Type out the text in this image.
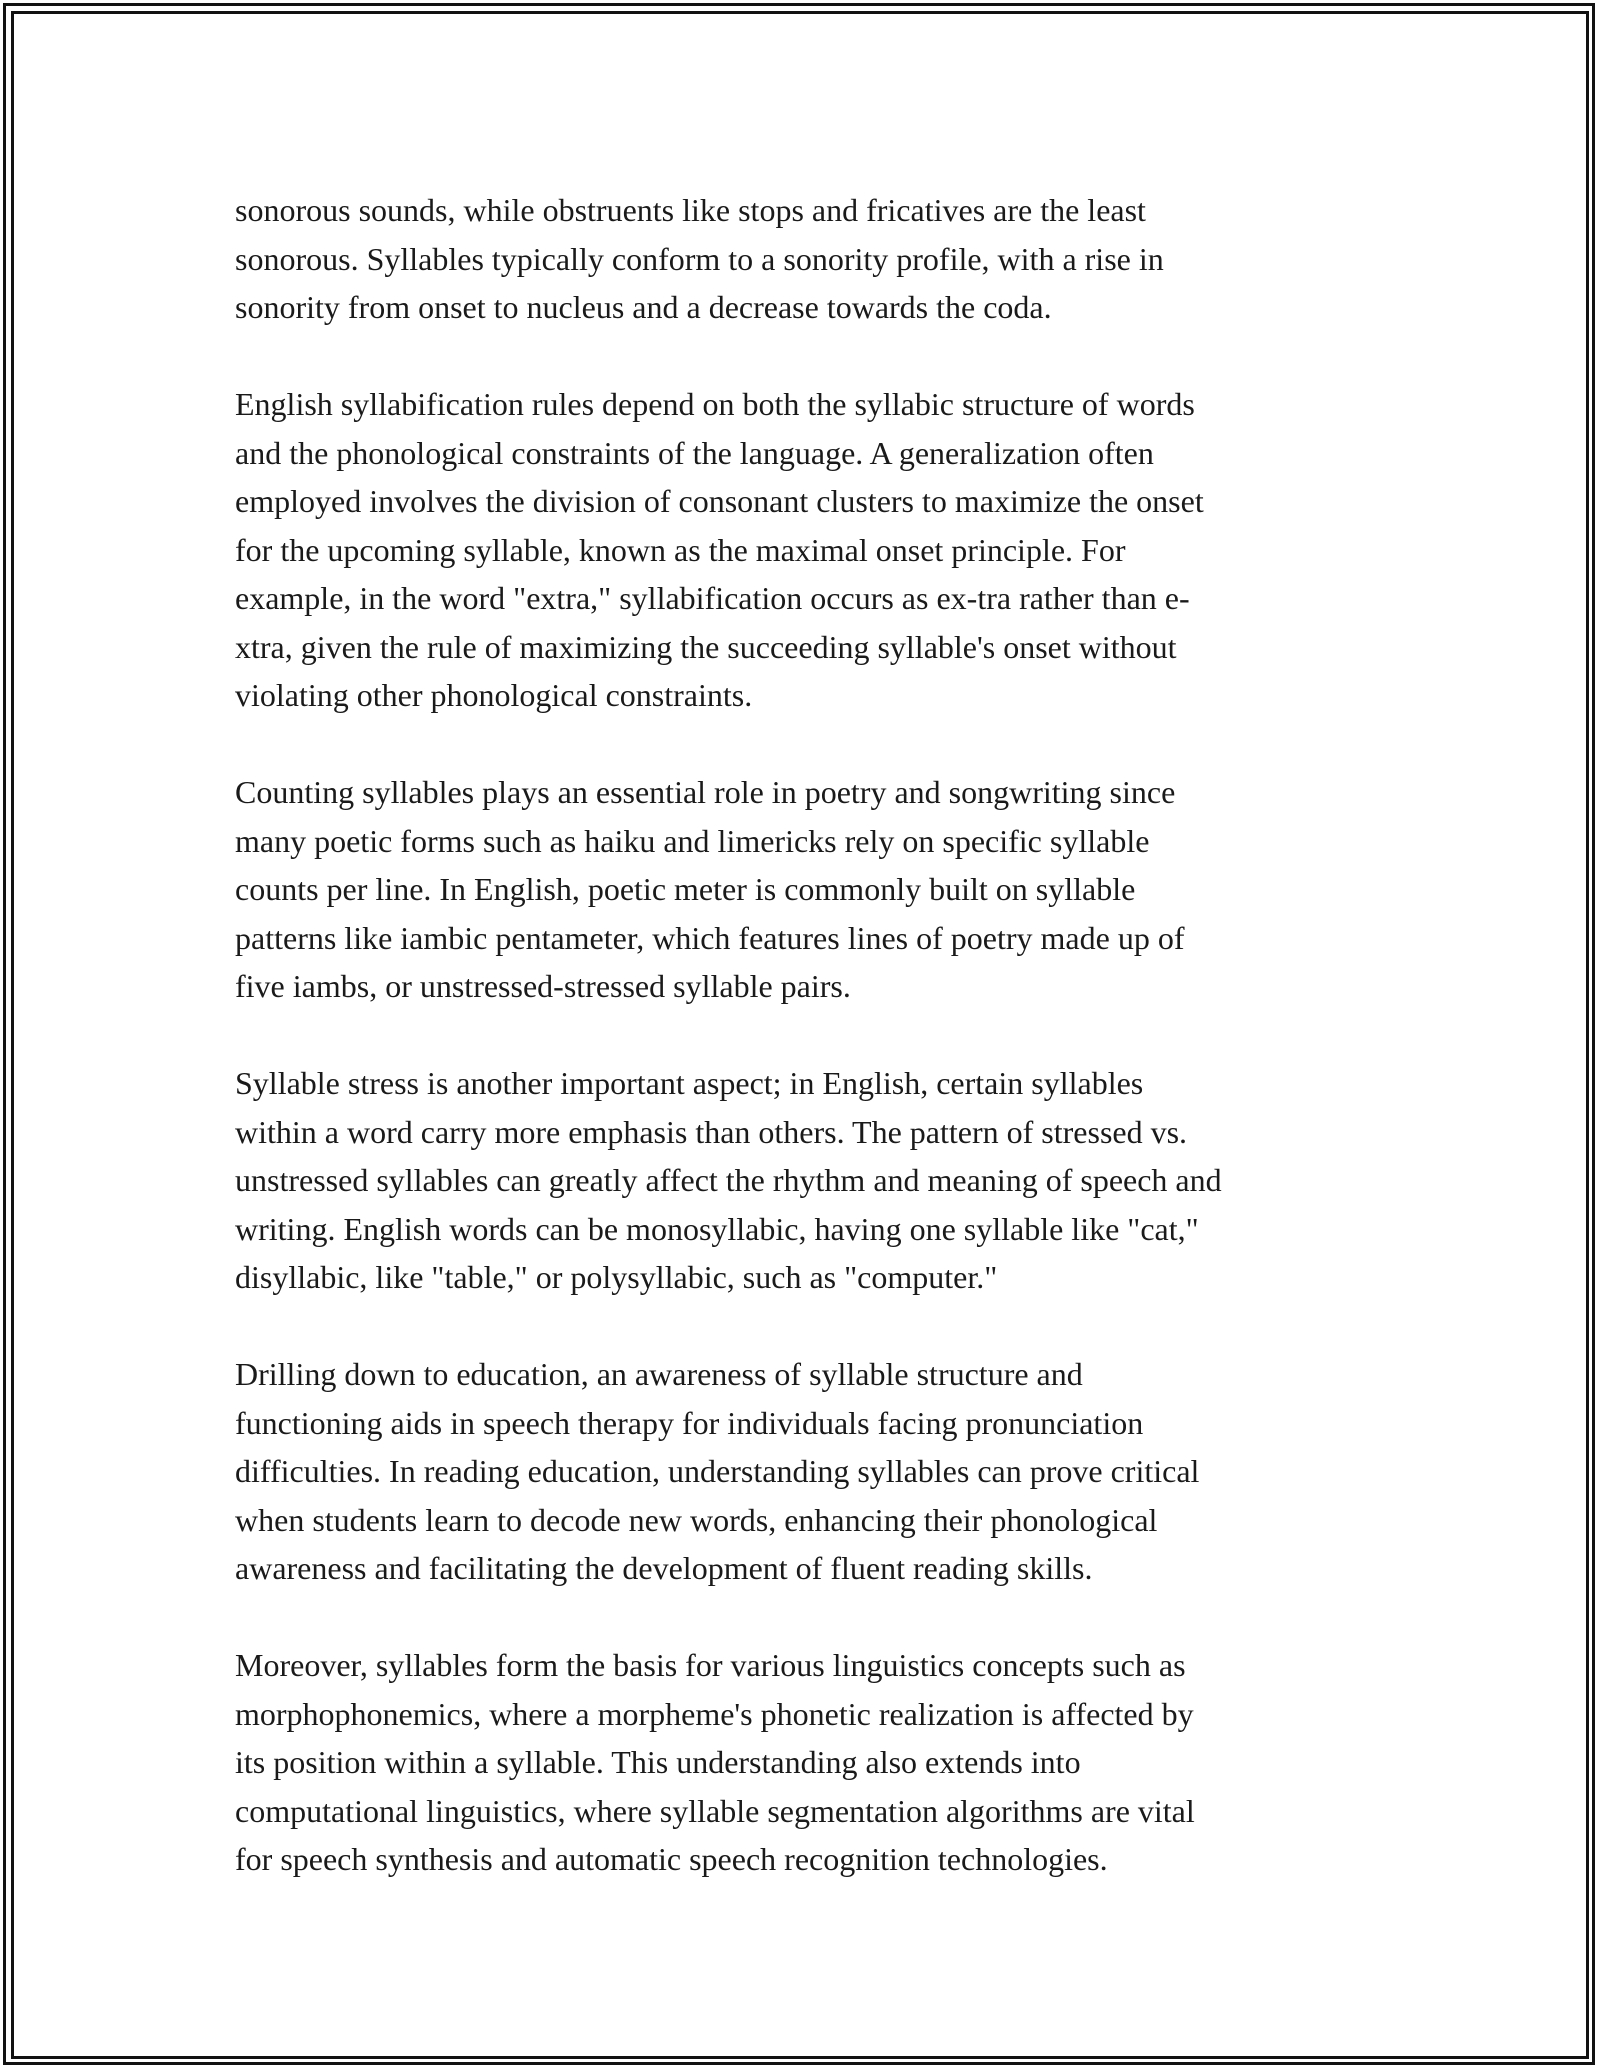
sonorous sounds, while obstruents like stops and fricatives are the least
sonorous. Syllables typically conform to a sonority profile, with a rise in
sonority from onset to nucleus and a decrease towards the coda.

English syllabification rules depend on both the syllabic structure of words
and the phonological constraints of the language. A generalization often
employed involves the division of consonant clusters to maximize the onset
for the upcoming syllable, known as the maximal onset principle. For
example, in the word "extra," syllabification occurs as ex-tra rather than e-
xtra, given the rule of maximizing the succeeding syllable's onset without
violating other phonological constraints.

Counting syllables plays an essential role in poetry and songwriting since
many poetic forms such as haiku and limericks rely on specific syllable
counts per line. In English, poetic meter is commonly built on syllable
patterns like iambic pentameter, which features lines of poetry made up of
five iambs, or unstressed-stressed syllable pairs.

Syllable stress is another important aspect; in English, certain syllables
within a word carry more emphasis than others. The pattern of stressed vs.
unstressed syllables can greatly affect the rhythm and meaning of speech and
writing. English words can be monosyllabic, having one syllable like "cat,"
disyllabic, like "table," or polysyllabic, such as "computer."

Drilling down to education, an awareness of syllable structure and
functioning aids in speech therapy for individuals facing pronunciation
difficulties. In reading education, understanding syllables can prove critical
when students learn to decode new words, enhancing their phonological
awareness and facilitating the development of fluent reading skills.

Moreover, syllables form the basis for various linguistics concepts such as
morphophonemics, where a morpheme's phonetic realization is affected by
its position within a syllable. This understanding also extends into
computational linguistics, where syllable segmentation algorithms are vital
for speech synthesis and automatic speech recognition technologies.
